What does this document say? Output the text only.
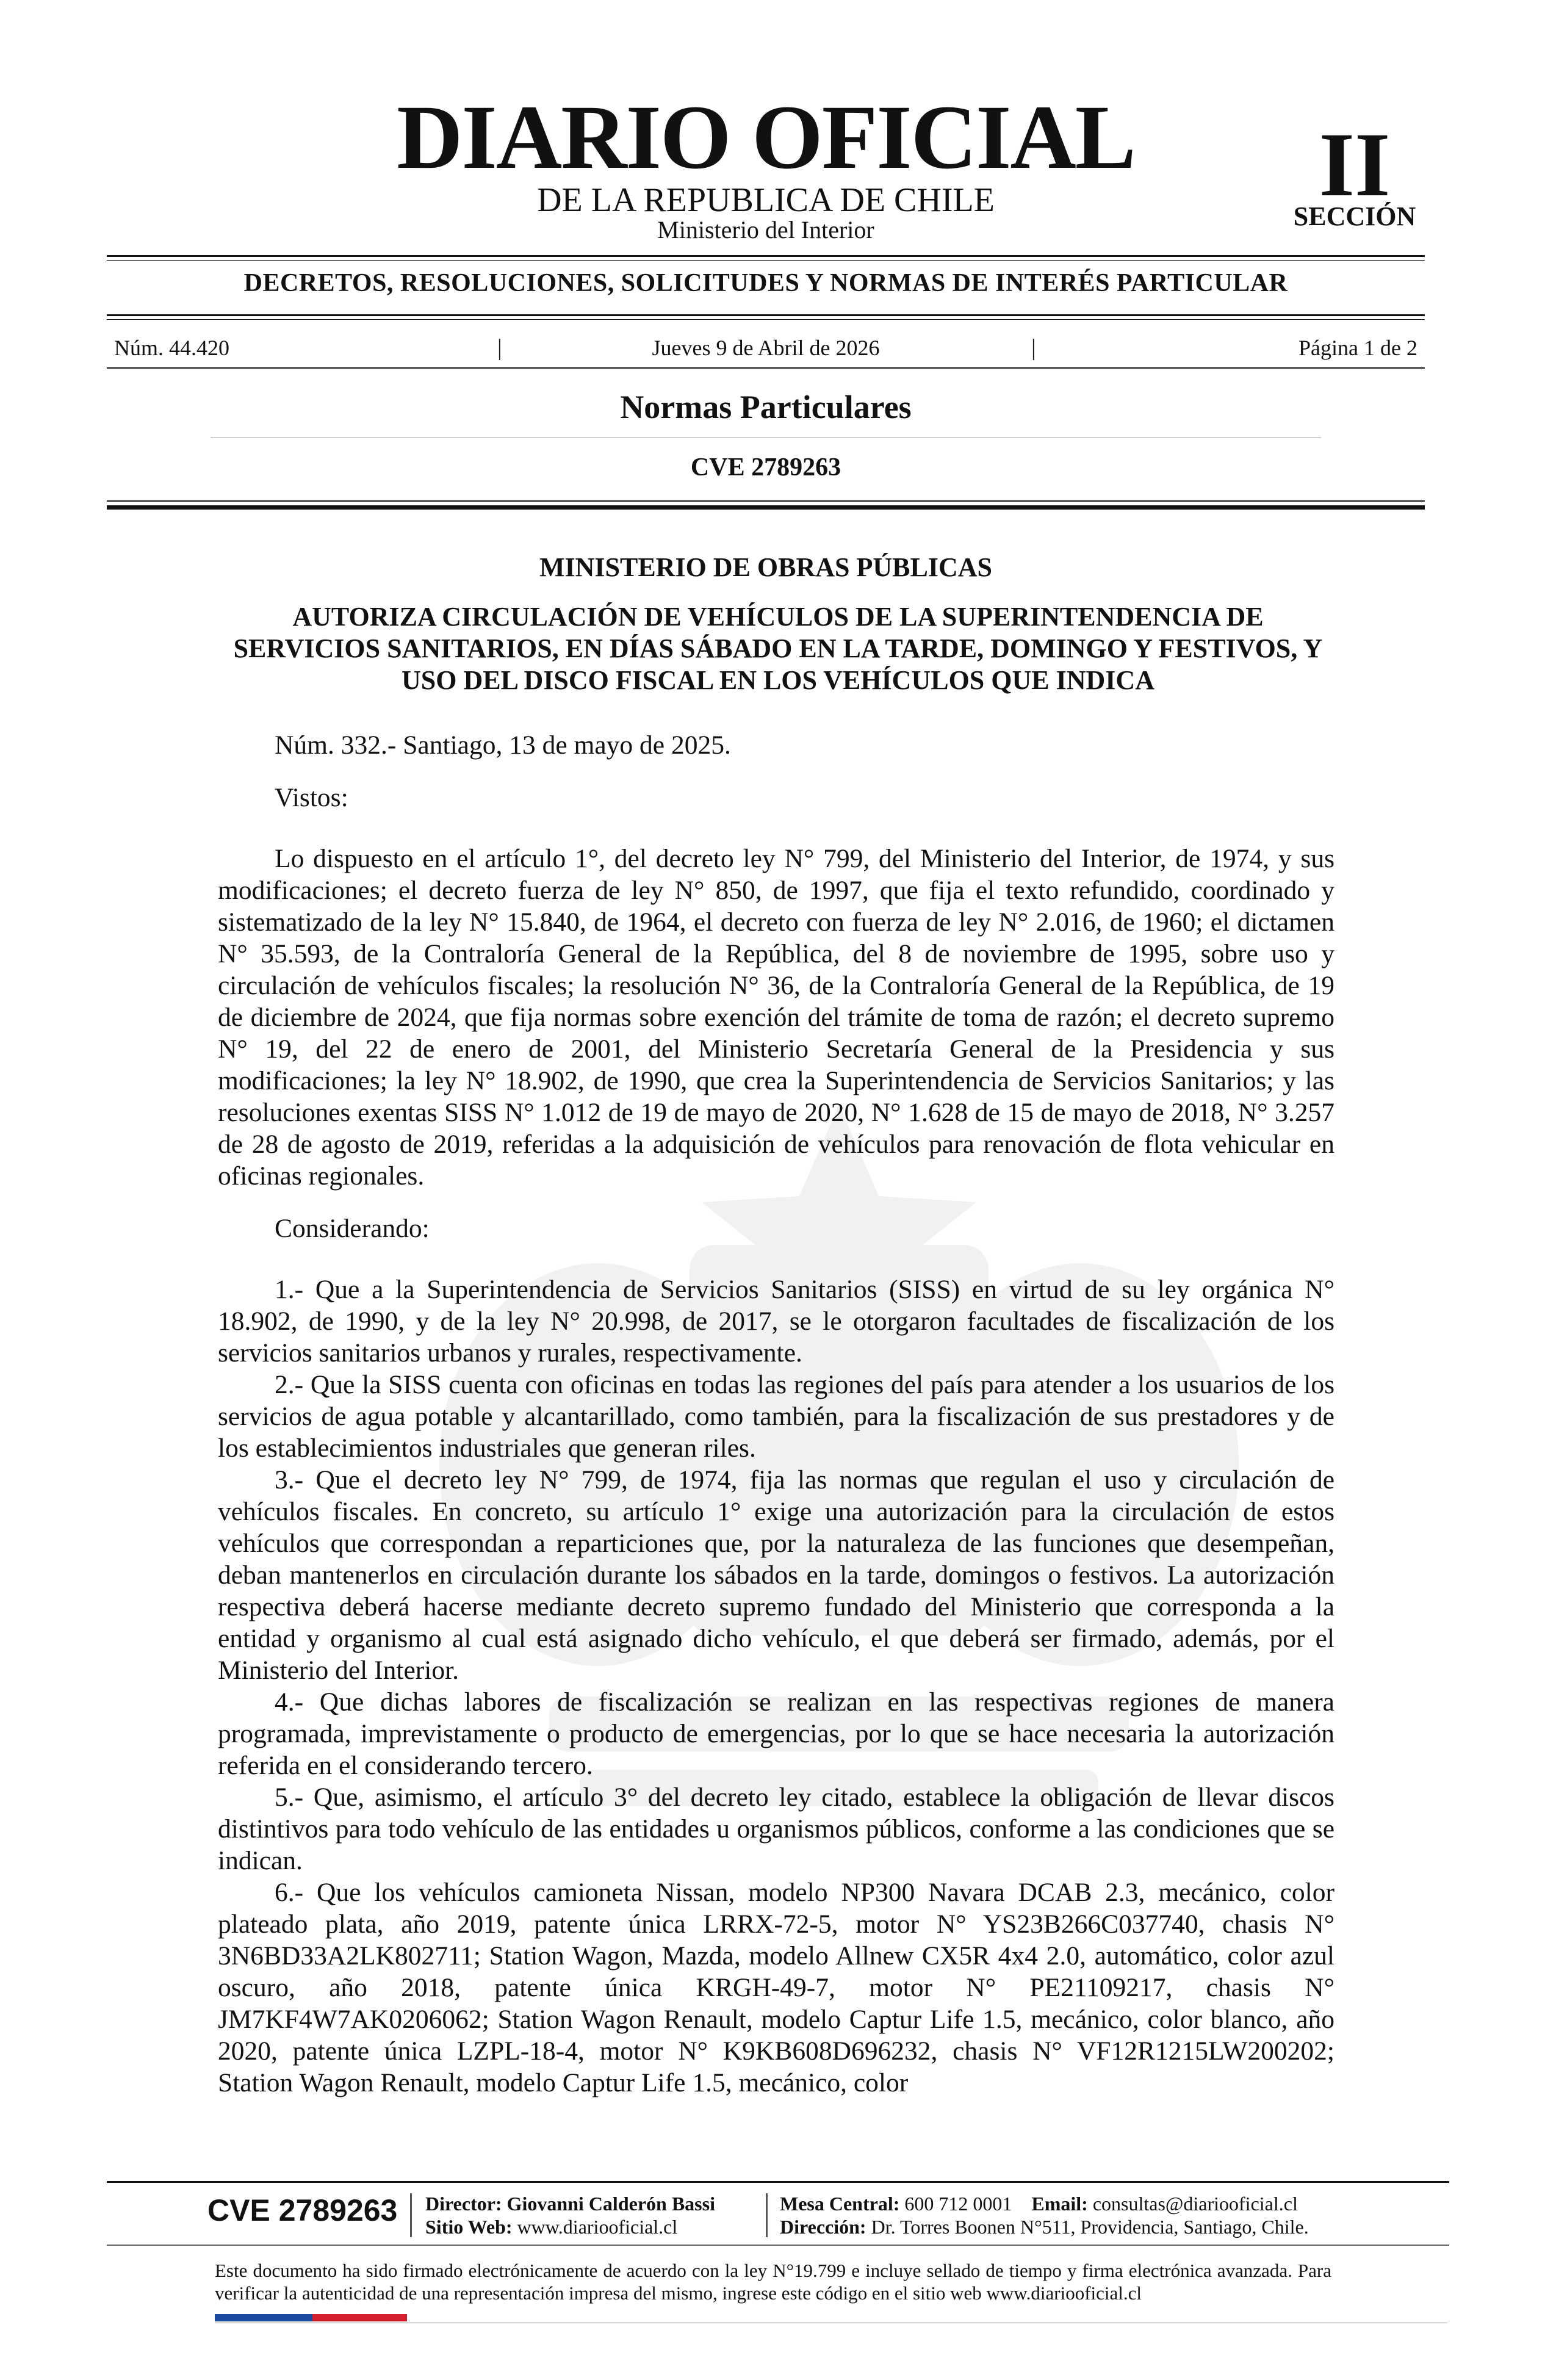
DIARIO OFICIAL
DE LA REPUBLICA DE CHILE
Ministerio del Interior
II
SECCIÓN
DECRETOS, RESOLUCIONES, SOLICITUDES Y NORMAS DE INTERÉS PARTICULAR
Núm. 44.420	|	Jueves 9 de Abril de 2026	|	Página 1 de 2
Normas Particulares
CVE 2789263
MINISTERIO DE OBRAS PÚBLICAS
AUTORIZA CIRCULACIÓN DE VEHÍCULOS DE LA SUPERINTENDENCIA DE SERVICIOS SANITARIOS, EN DÍAS SÁBADO EN LA TARDE, DOMINGO Y FESTIVOS, Y USO DEL DISCO FISCAL EN LOS VEHÍCULOS QUE INDICA

Núm. 332.- Santiago, 13 de mayo de 2025.

Vistos:

Lo dispuesto en el artículo 1°, del decreto ley N° 799, del Ministerio del Interior, de 1974, y sus modificaciones; el decreto fuerza de ley N° 850, de 1997, que fija el texto refundido, coordinado y sistematizado de la ley N° 15.840, de 1964, el decreto con fuerza de ley N° 2.016, de 1960; el dictamen N° 35.593, de la Contraloría General de la República, del 8 de noviembre de 1995, sobre uso y circulación de vehículos fiscales; la resolución N° 36, de la Contraloría General de la República, de 19 de diciembre de 2024, que fija normas sobre exención del trámite de toma de razón; el decreto supremo N° 19, del 22 de enero de 2001, del Ministerio Secretaría General de la Presidencia y sus modificaciones; la ley N° 18.902, de 1990, que crea la Superintendencia de Servicios Sanitarios; y las resoluciones exentas SISS N° 1.012 de 19 de mayo de 2020, N° 1.628 de 15 de mayo de 2018, N° 3.257 de 28 de agosto de 2019, referidas a la adquisición de vehículos para renovación de flota vehicular en oficinas regionales.

Considerando:

1.- Que a la Superintendencia de Servicios Sanitarios (SISS) en virtud de su ley orgánica N° 18.902, de 1990, y de la ley N° 20.998, de 2017, se le otorgaron facultades de fiscalización de los servicios sanitarios urbanos y rurales, respectivamente.

2.- Que la SISS cuenta con oficinas en todas las regiones del país para atender a los usuarios de los servicios de agua potable y alcantarillado, como también, para la fiscalización de sus prestadores y de los establecimientos industriales que generan riles.

3.- Que el decreto ley N° 799, de 1974, fija las normas que regulan el uso y circulación de vehículos fiscales. En concreto, su artículo 1° exige una autorización para la circulación de estos vehículos que correspondan a reparticiones que, por la naturaleza de las funciones que desempeñan, deban mantenerlos en circulación durante los sábados en la tarde, domingos o festivos. La autorización respectiva deberá hacerse mediante decreto supremo fundado del Ministerio que corresponda a la entidad y organismo al cual está asignado dicho vehículo, el que deberá ser firmado, además, por el Ministerio del Interior.

4.- Que dichas labores de fiscalización se realizan en las respectivas regiones de manera programada, imprevistamente o producto de emergencias, por lo que se hace necesaria la autorización referida en el considerando tercero.

5.- Que, asimismo, el artículo 3° del decreto ley citado, establece la obligación de llevar discos distintivos para todo vehículo de las entidades u organismos públicos, conforme a las condiciones que se indican.

6.- Que los vehículos camioneta Nissan, modelo NP300 Navara DCAB 2.3, mecánico, color plateado plata, año 2019, patente única LRRX-72-5, motor N° YS23B266C037740, chasis N° 3N6BD33A2LK802711; Station Wagon, Mazda, modelo Allnew CX5R 4x4 2.0, automático, color azul oscuro, año 2018, patente única KRGH-49-7, motor N° PE21109217, chasis N° JM7KF4W7AK0206062; Station Wagon Renault, modelo Captur Life 1.5, mecánico, color blanco, año 2020, patente única LZPL-18-4, motor N° K9KB608D696232, chasis N° VF12R1215LW200202; Station Wagon Renault, modelo Captur Life 1.5, mecánico, color

CVE 2789263 Director: Giovanni Calderón Bassi
Sitio Web: www.diariooficial.cl
Mesa Central: 600 712 0001 Email: consultas@diariooficial.cl
Dirección: Dr. Torres Boonen N°511, Providencia, Santiago, Chile.
Este documento ha sido firmado electrónicamente de acuerdo con la ley N°19.799 e incluye sellado de tiempo y firma electrónica avanzada. Para verificar la autenticidad de una representación impresa del mismo, ingrese este código en el sitio web www.diariooficial.cl
